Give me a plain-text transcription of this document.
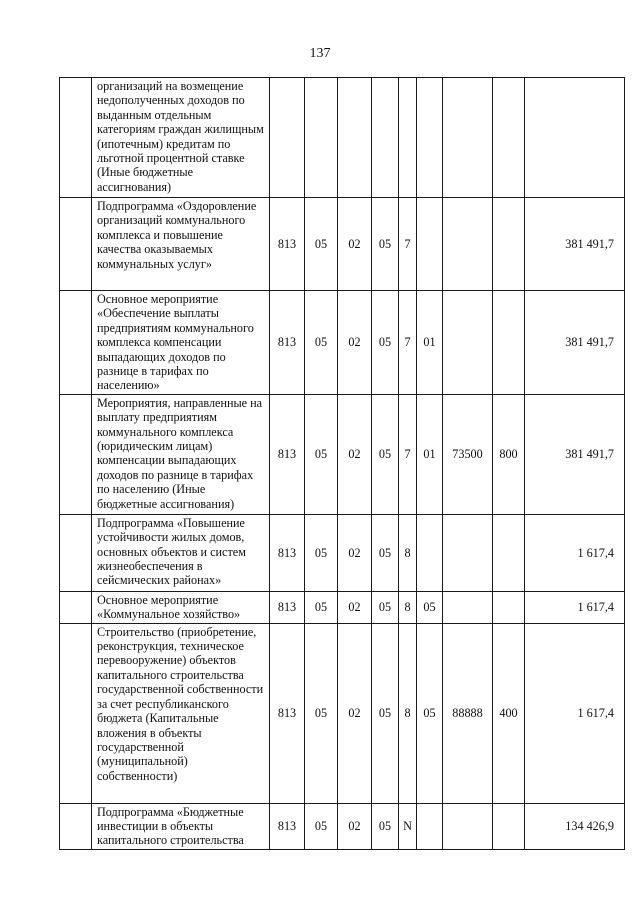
137
	организаций на возмещение недополученных доходов по выданным отдельным категориям граждан жилищным (ипотечным) кредитам по льготной процентной ставке (Иные бюджетные ассигнования)									
	Подпрограмма «Оздоровление организаций коммунального комплекса и повышение качества оказываемых коммунальных услуг»	813	05	02	05	7				381 491,7
	Основное мероприятие «Обеспечение выплаты предприятиям коммунального комплекса компенсации выпадающих доходов по разнице в тарифах по населению»	813	05	02	05	7	01			381 491,7
	Мероприятия, направленные на выплату предприятиям коммунального комплекса (юридическим лицам) компенсации выпадающих доходов по разнице в тарифах по населению (Иные бюджетные ассигнования)	813	05	02	05	7	01	73500	800	381 491,7
	Подпрограмма «Повышение устойчивости жилых домов, основных объектов и систем жизнеобеспечения в сейсмических районах»	813	05	02	05	8				1 617,4
	Основное мероприятие «Коммунальное хозяйство»	813	05	02	05	8	05			1 617,4
	Строительство (приобретение, реконструкция, техническое перевооружение) объектов капитального строительства государственной собственности за счет республиканского бюджета (Капитальные вложения в объекты государственной (муниципальной) собственности)	813	05	02	05	8	05	88888	400	1 617,4
	Подпрограмма «Бюджетные инвестиции в объекты капитального строительства	813	05	02	05	N				134 426,9
